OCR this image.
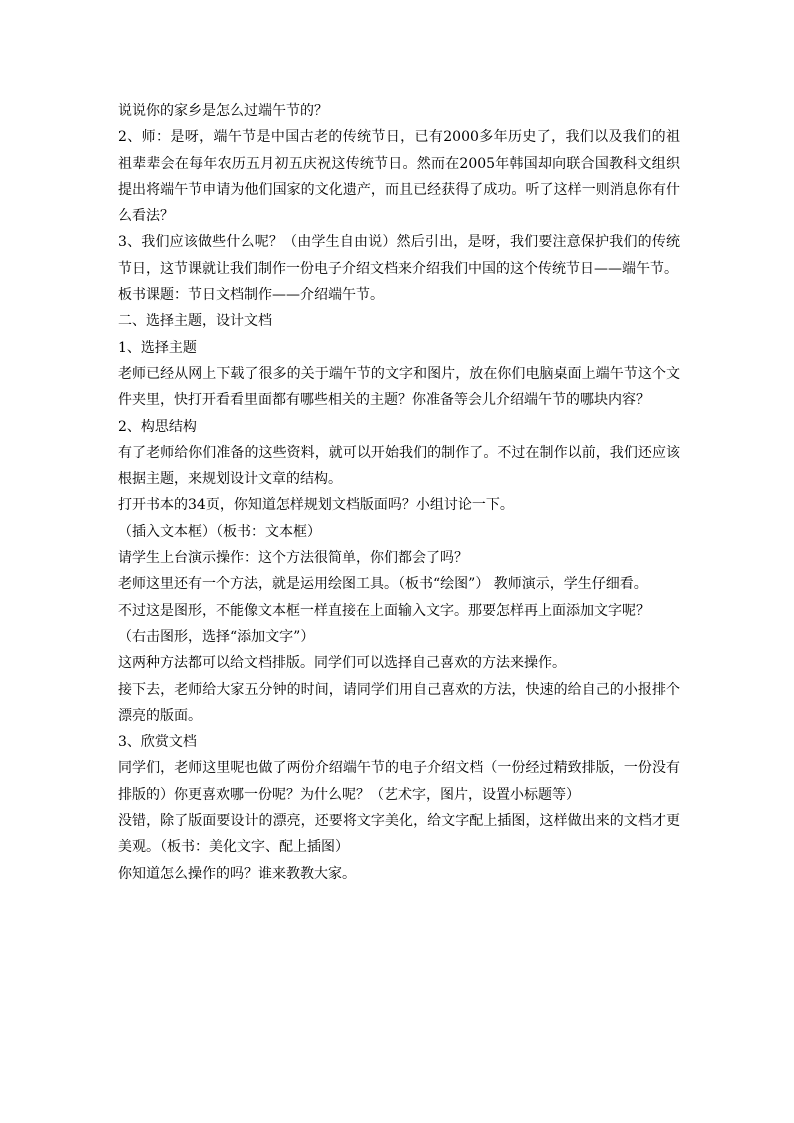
说说你的家乡是怎么过端午节的？

2、师：是呀，端午节是中国古老的传统节日，已有2000多年历史了，我们以及我们的祖祖辈辈会在每年农历五月初五庆祝这传统节日。然而在2005年韩国却向联合国教科文组织提出将端午节申请为他们国家的文化遗产，而且已经获得了成功。听了这样一则消息你有什么看法？

3、我们应该做些什么呢？（由学生自由说）然后引出，是呀，我们要注意保护我们的传统节日，这节课就让我们制作一份电子介绍文档来介绍我们中国的这个传统节日——端午节。

板书课题：节日文档制作——介绍端午节。

二、选择主题，设计文档

1、选择主题

老师已经从网上下载了很多的关于端午节的文字和图片，放在你们电脑桌面上端午节这个文件夹里，快打开看看里面都有哪些相关的主题？你准备等会儿介绍端午节的哪块内容？

2、构思结构

有了老师给你们准备的这些资料，就可以开始我们的制作了。不过在制作以前，我们还应该根据主题，来规划设计文章的结构。

打开书本的34页，你知道怎样规划文档版面吗？小组讨论一下。

（插入文本框）（板书：文本框）

请学生上台演示操作：这个方法很简单，你们都会了吗？

老师这里还有一个方法，就是运用绘图工具。（板书“绘图”） 教师演示，学生仔细看。

不过这是图形，不能像文本框一样直接在上面输入文字。那要怎样再上面添加文字呢？

（右击图形，选择“添加文字”）

这两种方法都可以给文档排版。同学们可以选择自己喜欢的方法来操作。

接下去，老师给大家五分钟的时间，请同学们用自己喜欢的方法，快速的给自己的小报排个漂亮的版面。

3、欣赏文档

同学们，老师这里呢也做了两份介绍端午节的电子介绍文档（一份经过精致排版，一份没有排版的）你更喜欢哪一份呢？为什么呢？（艺术字，图片，设置小标题等）

没错，除了版面要设计的漂亮，还要将文字美化，给文字配上插图，这样做出来的文档才更美观。（板书：美化文字、配上插图）

你知道怎么操作的吗？谁来教教大家。
